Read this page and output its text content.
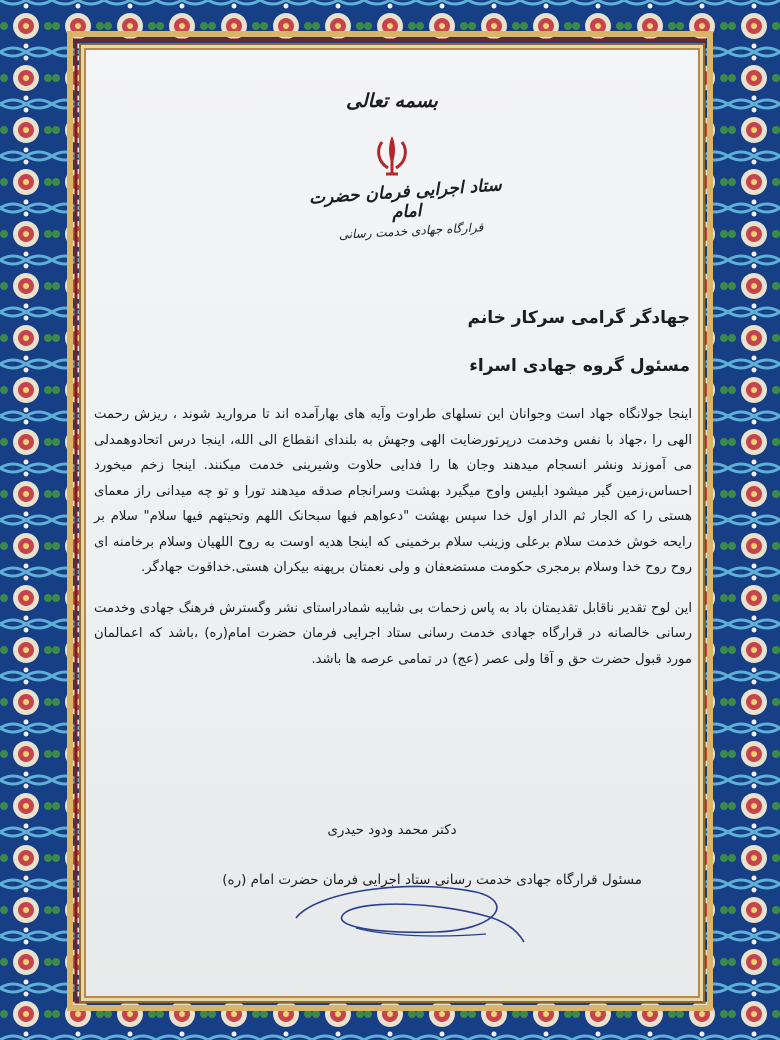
بسمه تعالی
ستاد اجرایی فرمان حضرت امام
قرارگاه جهادی خدمت رسانی
جهادگر گرامی سرکار خانم
مسئول گروه جهادی اسراء

اینجا جولانگاه جهاد است وجوانان این نسلهای طراوت وآیه های بهارآمده اند تا مروارید شوند ، ریزش رحمت الهی را ،جهاد با نفس وخدمت درپرتورضایت الهی وجهش به بلندای انقطاع الی الله، اینجا درس اتحادوهمدلی می آموزند ونشر انسجام میدهند وجان ها را فدایی حلاوت وشیرینی خدمت میکنند. اینجا زخم میخورد احساس،زمین گیر میشود ابلیس واوج میگیرد بهشت وسرانجام صدقه میدهند تورا و تو چه میدانی راز معمای هستی را که الجار ثم الدار اول خدا سپس بهشت "دعواهم فیها سبحانک اللهم وتحیتهم فیها سلام" سلام بر رایحه خوش خدمت سلام برعلی وزینب سلام برخمینی که اینجا هدیه اوست به روح اللهیان وسلام برخامنه ای روح روح خدا وسلام برمجری حکومت مستضعفان و ولی نعمتان برپهنه بیکران هستی.خداقوت جهادگر.

این لوح تقدیر ناقابل تقدیمتان باد به پاس زحمات بی شایبه شمادراستای نشر وگسترش فرهنگ جهادی وخدمت رسانی خالصانه در قرارگاه جهادی خدمت رسانی ستاد اجرایی فرمان حضرت امام(ره) ،باشد که اعمالمان مورد قبول حضرت حق و آقا ولی عصر (عج) در تمامی عرصه ها باشد.

دکتر محمد ودود حیدری
مسئول قرارگاه جهادی خدمت رسانی ستاد اجرایی فرمان حضرت امام (ره)
